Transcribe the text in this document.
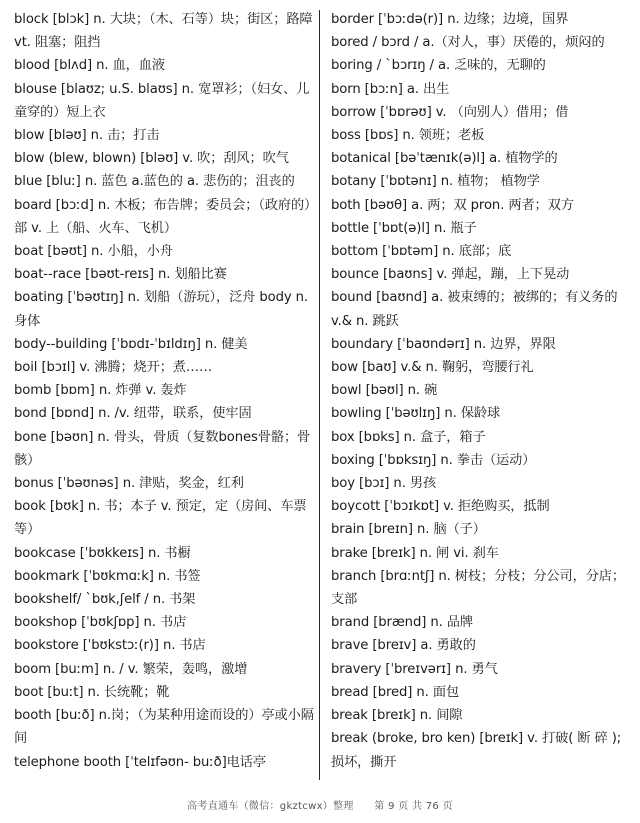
block [blɔk] n. 大块；（木、石等）块；街区；路障 vt. 阻塞；阻挡
blood [blʌd] n. 血，血液
blouse [blaʊz; u.S. blaʊs] n. 宽罩衫；（妇女、儿童穿的）短上衣
blow [bləʊ] n. 击；打击
blow (blew, blown) [bləʊ] v. 吹；刮风；吹气
blue [bluː] n. 蓝色 a.蓝色的 a. 悲伤的；沮丧的
board [bɔːd] n. 木板；布告牌；委员会；（政府的）部 v. 上（船、火车、飞机）
boat [bəʊt] n. 小船，小舟
boat--race [bəʊt-reɪs] n. 划船比赛
boating [ˈbəʊtɪŋ] n. 划船（游玩），泛舟 body n. 身体
body--building [ˈbɒdɪ-ˈbɪldɪŋ] n. 健美
boil [bɔɪl] v. 沸腾；烧开；煮……
bomb [bɒm] n. 炸弹 v. 轰炸
bond [bɒnd] n. /v. 纽带，联系，使牢固
bone [bəʊn] n. 骨头，骨质（复数bones骨骼；骨骸）
bonus [ˈbəʊnəs] n. 津贴，奖金，红利
book [bʊk] n. 书；本子 v. 预定，定（房间、车票等）
bookcase [ˈbʊkkeɪs] n. 书橱
bookmark [ˈbʊkmɑːk] n. 书签
bookshelf/ `bʊk,ʃelf / n. 书架
bookshop [ˈbʊkʃɒp] n. 书店
bookstore [ˈbʊkstɔː(r)] n. 书店
boom [buːm] n. / v. 繁荣，轰鸣，激增
boot [buːt] n. 长统靴；靴
booth [buːð] n.岗；（为某种用途而设的）亭或小隔间
telephone booth [ˈtelɪfəʊn- buːð]电话亭
border [ˈbɔːdə(r)] n. 边缘；边境，国界
bored / bɔrd / a.（对人，事）厌倦的，烦闷的
boring / `bɔrɪŋ / a. 乏味的，无聊的
born [bɔːn] a. 出生
borrow [ˈbɒrəʊ] v. （向别人）借用；借
boss [bɒs] n. 领班；老板
botanical [bəˈtænɪk(ə)l] a. 植物学的
botany [ˈbɒtənɪ] n. 植物； 植物学
both [bəʊθ] a. 两；双 pron. 两者；双方
bottle [ˈbɒt(ə)l] n. 瓶子
bottom [ˈbɒtəm] n. 底部；底
bounce [baʊns] v. 弹起，蹦，上下晃动
bound [baʊnd] a. 被束缚的；被绑的；有义务的 v.& n. 跳跃
boundary [ˈbaʊndərɪ] n. 边界，界限
bow [baʊ] v.& n. 鞠躬，弯腰行礼
bowl [bəʊl] n. 碗
bowling [ˈbəʊlɪŋ] n. 保龄球
box [bɒks] n. 盒子，箱子
boxing [ˈbɒksɪŋ] n. 拳击（运动）
boy [bɔɪ] n. 男孩
boycott [ˈbɔɪkɒt] v. 拒绝购买，抵制
brain [breɪn] n. 脑（子）
brake [breɪk] n. 闸 vi. 刹车
branch [brɑːntʃ] n. 树枝；分枝；分公司，分店；支部
brand [brænd] n. 品牌
brave [breɪv] a. 勇敢的
bravery [ˈbreɪvərɪ] n. 勇气
bread [bred] n. 面包
break [breɪk] n. 间隙
break (broke, bro ken) [breɪk] v. 打破( 断 碎 ); 损坏，撕开
高考直通车（微信：gkztcwx）整理　　第 9 页 共 76 页
